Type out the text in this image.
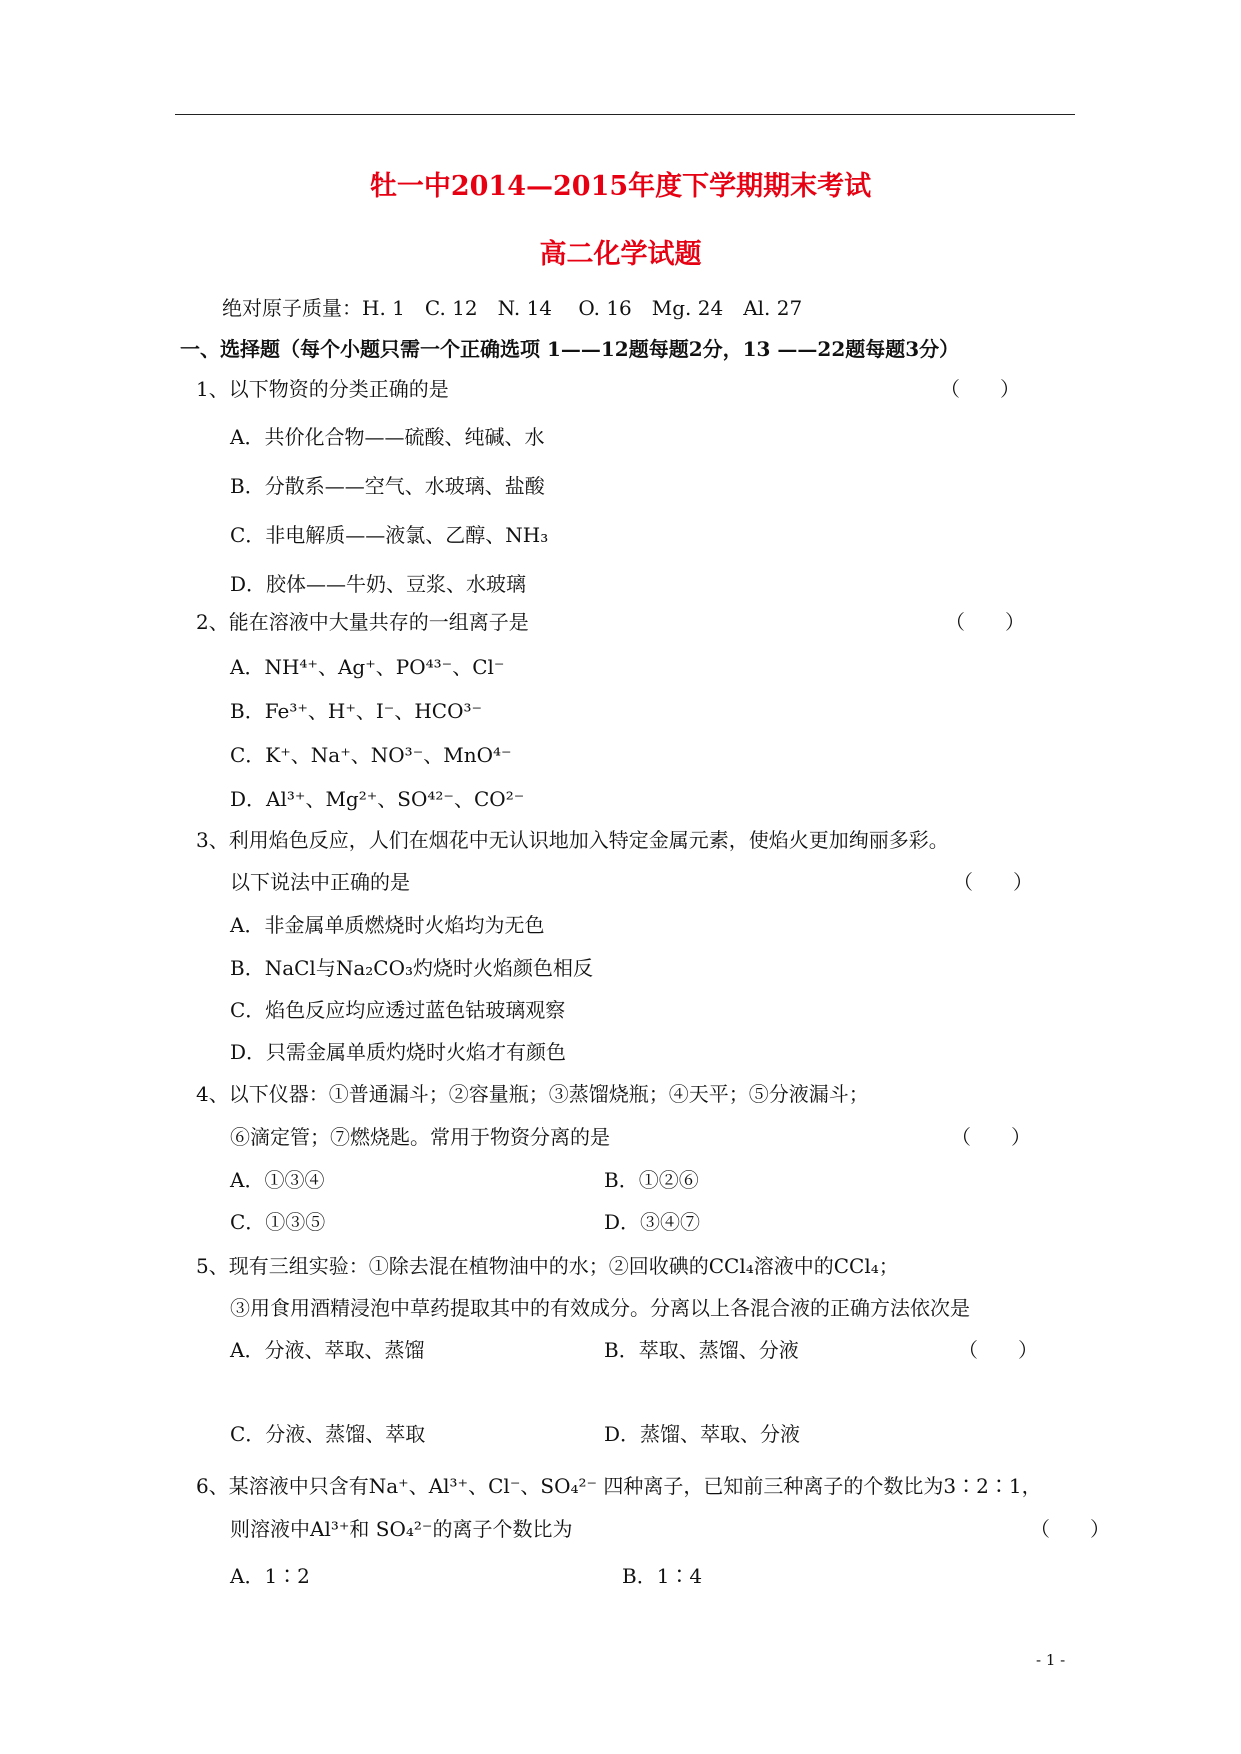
牡一中2014—2015年度下学期期末考试
高二化学试题
绝对原子质量：H. 1　C. 12　N. 14　 O. 16　Mg. 24　Al. 27
一、选择题（每个小题只需一个正确选项 1——12题每题2分，13 ——22题每题3分）
1、以下物资的分类正确的是	（　　）
A．共价化合物——硫酸、纯碱、水
B．分散系——空气、水玻璃、盐酸
C．非电解质——液氯、乙醇、NH₃
D．胶体——牛奶、豆浆、水玻璃
2、能在溶液中大量共存的一组离子是	（　　）
A．NH⁴⁺、Ag⁺、PO⁴³⁻、Cl⁻
B．Fe³⁺、H⁺、I⁻、HCO³⁻
C．K⁺、Na⁺、NO³⁻、MnO⁴⁻
D．Al³⁺、Mg²⁺、SO⁴²⁻、CO²⁻
3、利用焰色反应，人们在烟花中无认识地加入特定金属元素，使焰火更加绚丽多彩。
以下说法中正确的是	（　　）
A．非金属单质燃烧时火焰均为无色
B．NaCl与Na₂CO₃灼烧时火焰颜色相反
C．焰色反应均应透过蓝色钴玻璃观察
D．只需金属单质灼烧时火焰才有颜色
4、以下仪器：①普通漏斗；②容量瓶；③蒸馏烧瓶；④天平；⑤分液漏斗；
⑥滴定管；⑦燃烧匙。常用于物资分离的是	（　　）
A．①③④	B．①②⑥
C．①③⑤	D．③④⑦
5、现有三组实验：①除去混在植物油中的水；②回收碘的CCl₄溶液中的CCl₄；
③用食用酒精浸泡中草药提取其中的有效成分。分离以上各混合液的正确方法依次是
A．分液、萃取、蒸馏	B．萃取、蒸馏、分液	（　　）
C．分液、蒸馏、萃取	D．蒸馏、萃取、分液
6、某溶液中只含有Na⁺、Al³⁺、Cl⁻、SO₄²⁻ 四种离子，已知前三种离子的个数比为3∶2∶1，
则溶液中Al³⁺和 SO₄²⁻的离子个数比为	（　　）
A．1∶2	B．1∶4
- 1 -
